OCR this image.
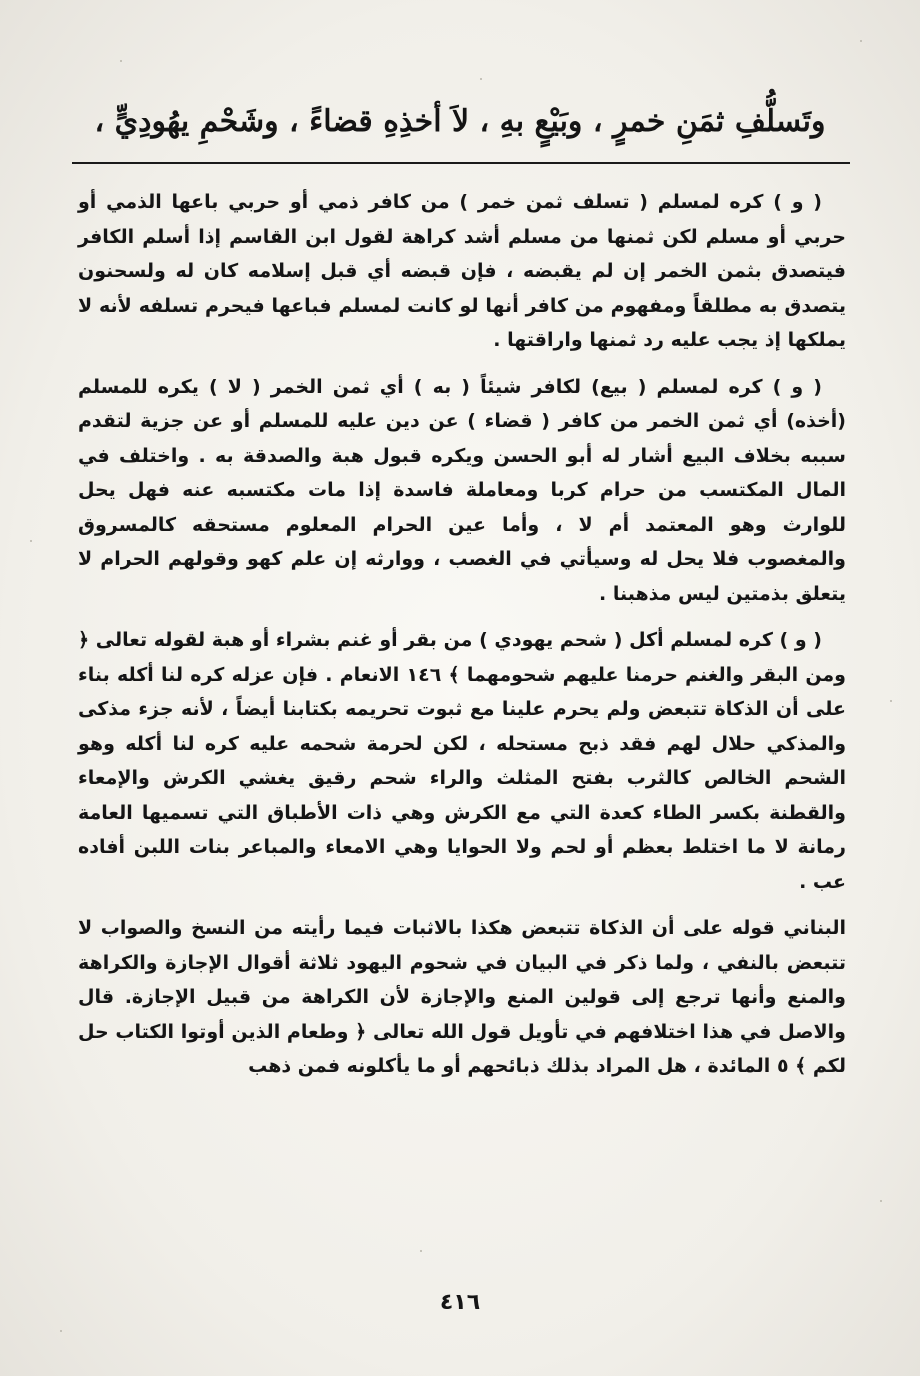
وتَسلُّفِ ثمَنِ خمرٍ ، وبَيْعٍ بهِ ، لاَ أخذِهِ قضاءً ، وشَحْمِ يهُودِيٍّ ،

( و ) كره لمسلم ( تسلف ثمن خمر ) من كافر ذمي أو حربي باعها الذمي أو حربي أو مسلم لكن ثمنها من مسلم أشد كراهة لقول ابن القاسم إذا أسلم الكافر فيتصدق بثمن الخمر إن لم يقبضه ، فإن قبضه أي قبل إسلامه كان له ولسحنون يتصدق به مطلقاً ومفهوم من كافر أنها لو كانت لمسلم فباعها فيحرم تسلفه لأنه لا يملكها إذ يجب عليه رد ثمنها واراقتها .

( و ) كره لمسلم ( بيع) لكافر شيئاً ( به ) أي ثمن الخمر ( لا ) يكره للمسلم (أخذه) أي ثمن الخمر من كافر ( قضاء ) عن دين عليه للمسلم أو عن جزية لتقدم سببه بخلاف البيع أشار له أبو الحسن ويكره قبول هبة والصدقة به . واختلف في المال المكتسب من حرام كربا ومعاملة فاسدة إذا مات مكتسبه عنه فهل يحل للوارث وهو المعتمد أم لا ، وأما عين الحرام المعلوم مستحقه كالمسروق والمغصوب فلا يحل له وسيأتي في الغصب ، ووارثه إن علم كهو وقولهم الحرام لا يتعلق بذمتين ليس مذهبنا .

( و ) كره لمسلم أكل ( شحم يهودي ) من بقر أو غنم بشراء أو هبة لقوله تعالى ﴿ ومن البقر والغنم حرمنا عليهم شحومهما ﴾ ١٤٦ الانعام . فإن عزله كره لنا أكله بناء على أن الذكاة تتبعض ولم يحرم علينا مع ثبوت تحريمه بكتابنا أيضاً ، لأنه جزء مذكى والمذكي حلال لهم فقد ذبح مستحله ، لكن لحرمة شحمه عليه كره لنا أكله وهو الشحم الخالص كالثرب بفتح المثلث والراء شحم رقيق يغشي الكرش والإمعاء والقطنة بكسر الطاء كعدة التي مع الكرش وهي ذات الأطباق التي تسميها العامة رمانة لا ما اختلط بعظم أو لحم ولا الحوايا وهي الامعاء والمباعر بنات اللبن أفاده عب .

البناني قوله على أن الذكاة تتبعض هكذا بالاثبات فيما رأيته من النسخ والصواب لا تتبعض بالنفي ، ولما ذكر في البيان في شحوم اليهود ثلاثة أقوال الإجازة والكراهة والمنع وأنها ترجع إلى قولين المنع والإجازة لأن الكراهة من قبيل الإجازة. قال والاصل في هذا اختلافهم في تأويل قول الله تعالى ﴿ وطعام الذين أوتوا الكتاب حل لكم ﴾ ٥ المائدة ، هل المراد بذلك ذبائحهم أو ما يأكلونه فمن ذهب

٤١٦
